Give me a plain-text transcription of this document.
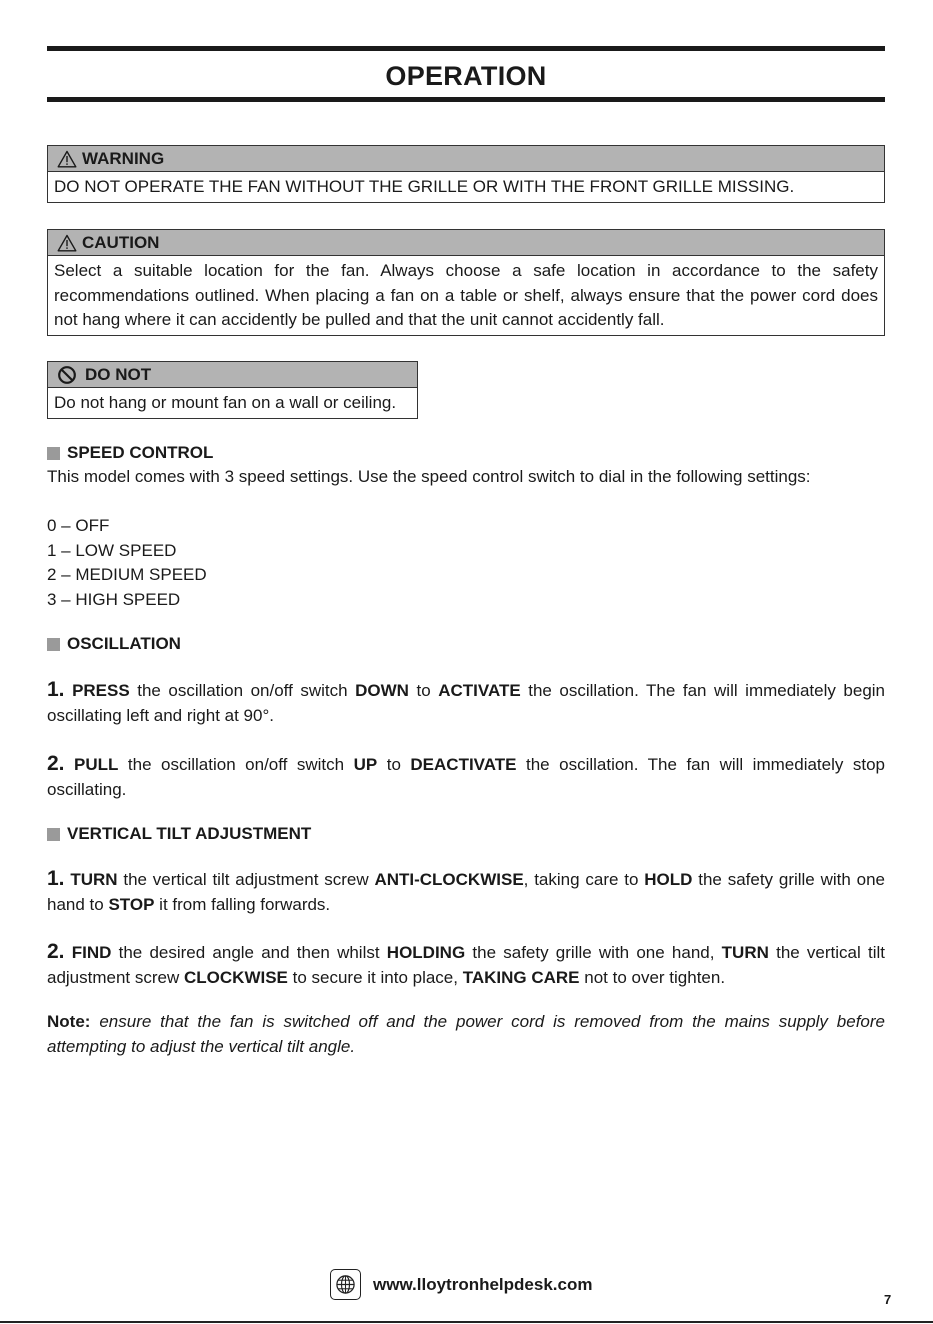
OPERATION
WARNING
DO NOT OPERATE THE FAN WITHOUT THE GRILLE OR WITH THE FRONT GRILLE MISSING.
CAUTION
Select a suitable location for the fan. Always choose a safe location in accordance to the safety recommendations outlined. When placing a fan on a table or shelf, always ensure that the power cord does not hang where it can accidently be pulled and that the unit cannot accidently fall.
DO NOT
Do not hang or mount fan on a wall or ceiling.
SPEED CONTROL
This model comes with 3 speed settings. Use the speed control switch to dial in the following settings:
0 – OFF
1 – LOW SPEED
2 – MEDIUM SPEED
3 – HIGH SPEED
OSCILLATION
1. PRESS the oscillation on/off switch DOWN to ACTIVATE the oscillation. The fan will immediately begin oscillating left and right at 90°.
2. PULL the oscillation on/off switch UP to DEACTIVATE the oscillation. The fan will immediately stop oscillating.
VERTICAL TILT ADJUSTMENT
1. TURN the vertical tilt adjustment screw ANTI-CLOCKWISE, taking care to HOLD the safety grille with one hand to STOP it from falling forwards.
2. FIND the desired angle and then whilst HOLDING the safety grille with one hand, TURN the vertical tilt adjustment screw CLOCKWISE to secure it into place, TAKING CARE not to over tighten.
Note: ensure that the fan is switched off and the power cord is removed from the mains supply before attempting to adjust the vertical tilt angle.
www.lloytronhelpdesk.com
7
